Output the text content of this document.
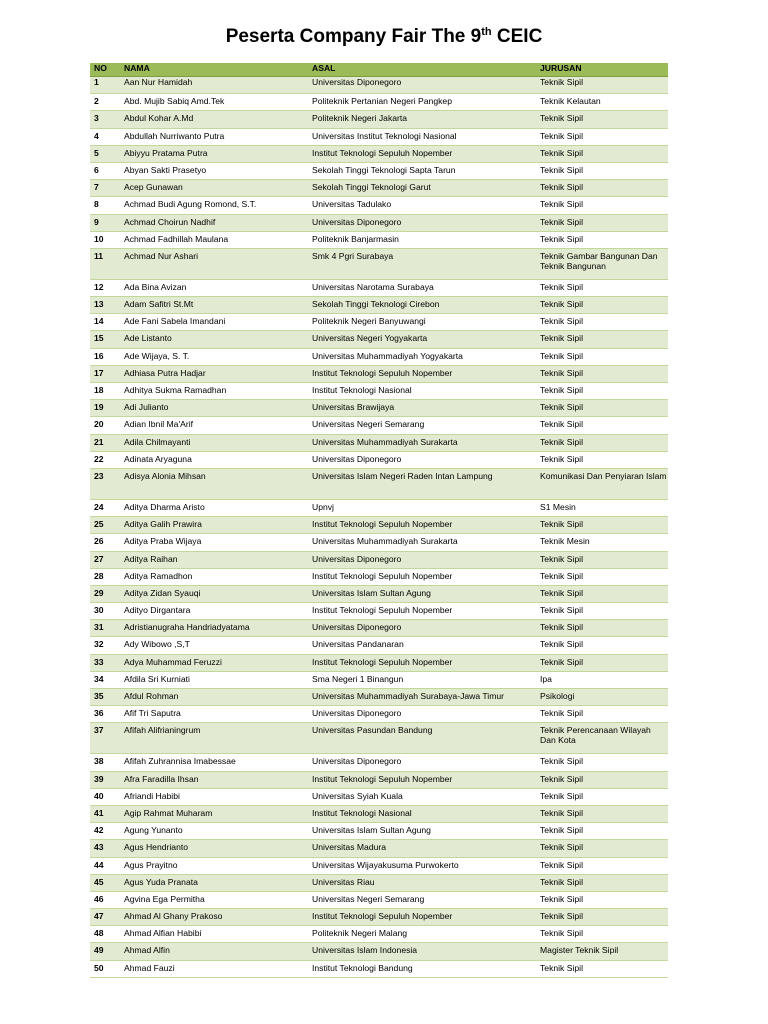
Peserta Company Fair The 9th CEIC
NO	NAMA	ASAL	JURUSAN
1	Aan Nur Hamidah	Universitas Diponegoro	Teknik Sipil
2	Abd. Mujib Sabiq Amd.Tek	Politeknik Pertanian Negeri Pangkep	Teknik Kelautan
3	Abdul Kohar A.Md	Politeknik Negeri Jakarta	Teknik Sipil
4	Abdullah Nurriwanto Putra	Universitas Institut Teknologi Nasional	Teknik Sipil
5	Abiyyu Pratama Putra	Institut Teknologi Sepuluh Nopember	Teknik Sipil
6	Abyan Sakti Prasetyo	Sekolah Tinggi Teknologi Sapta Tarun	Teknik Sipil
7	Acep Gunawan	Sekolah Tinggi Teknologi Garut	Teknik Sipil
8	Achmad Budi Agung Romond, S.T.	Universitas Tadulako	Teknik Sipil
9	Achmad Choirun Nadhif	Universitas Diponegoro	Teknik Sipil
10	Achmad Fadhillah Maulana	Politeknik Banjarmasin	Teknik Sipil
11	Achmad Nur Ashari	Smk 4 Pgri Surabaya	Teknik Gambar Bangunan Dan Teknik Bangunan
12	Ada Bina Avizan	Universitas Narotama Surabaya	Teknik Sipil
13	Adam Safitri St.Mt	Sekolah Tinggi Teknologi Cirebon	Teknik Sipil
14	Ade Fani Sabela Imandani	Politeknik Negeri Banyuwangi	Teknik Sipil
15	Ade Listanto	Universitas Negeri Yogyakarta	Teknik Sipil
16	Ade Wijaya, S. T.	Universitas Muhammadiyah Yogyakarta	Teknik Sipil
17	Adhiasa Putra Hadjar	Institut Teknologi Sepuluh Nopember	Teknik Sipil
18	Adhitya Sukma Ramadhan	Institut Teknologi Nasional	Teknik Sipil
19	Adi Julianto	Universitas Brawijaya	Teknik Sipil
20	Adian Ibnil Ma'Arif	Universitas Negeri Semarang	Teknik Sipil
21	Adila Chilmayanti	Universitas Muhammadiyah Surakarta	Teknik Sipil
22	Adinata Aryaguna	Universitas Diponegoro	Teknik Sipil
23	Adisya Alonia Mihsan	Universitas Islam Negeri Raden Intan Lampung	Komunikasi Dan Penyiaran Islam
24	Aditya Dharma Aristo	Upnvj	S1 Mesin
25	Aditya Galih Prawira	Institut Teknologi Sepuluh Nopember	Teknik Sipil
26	Aditya Praba Wijaya	Universitas Muhammadiyah Surakarta	Teknik Mesin
27	Aditya Raihan	Universitas Diponegoro	Teknik Sipil
28	Aditya Ramadhon	Institut Teknologi Sepuluh Nopember	Teknik Sipil
29	Aditya Zidan Syauqi	Universitas Islam Sultan Agung	Teknik Sipil
30	Adityo Dirgantara	Institut Teknologi Sepuluh Nopember	Teknik Sipil
31	Adristianugraha Handriadyatama	Universitas Diponegoro	Teknik Sipil
32	Ady Wibowo ,S,T	Universitas Pandanaran	Teknik Sipil
33	Adya Muhammad Feruzzi	Institut Teknologi Sepuluh Nopember	Teknik Sipil
34	Afdila Sri Kurniati	Sma Negeri 1 Binangun	Ipa
35	Afdul Rohman	Universitas Muhammadiyah Surabaya-Jawa Timur	Psikologi
36	Afif Tri Saputra	Universitas Diponegoro	Teknik Sipil
37	Afifah Alifrianingrum	Universitas Pasundan Bandung	Teknik Perencanaan Wilayah Dan Kota
38	Afifah Zuhrannisa Imabessae	Universitas Diponegoro	Teknik Sipil
39	Afra Faradilla Ihsan	Institut Teknologi Sepuluh Nopember	Teknik Sipil
40	Afriandi Habibi	Universitas Syiah Kuala	Teknik Sipil
41	Agip Rahmat Muharam	Institut Teknologi Nasional	Teknik Sipil
42	Agung Yunanto	Universitas Islam Sultan Agung	Teknik Sipil
43	Agus Hendrianto	Universitas Madura	Teknik Sipil
44	Agus Prayitno	Universitas Wijayakusuma Purwokerto	Teknik Sipil
45	Agus Yuda Pranata	Universitas Riau	Teknik Sipil
46	Agvina Ega Permitha	Universitas Negeri Semarang	Teknik Sipil
47	Ahmad Al Ghany Prakoso	Institut Teknologi Sepuluh Nopember	Teknik Sipil
48	Ahmad Alfian Habibi	Politeknik Negeri Malang	Teknik Sipil
49	Ahmad Alfin	Universitas Islam Indonesia	Magister Teknik Sipil
50	Ahmad Fauzi	Institut Teknologi Bandung	Teknik Sipil
